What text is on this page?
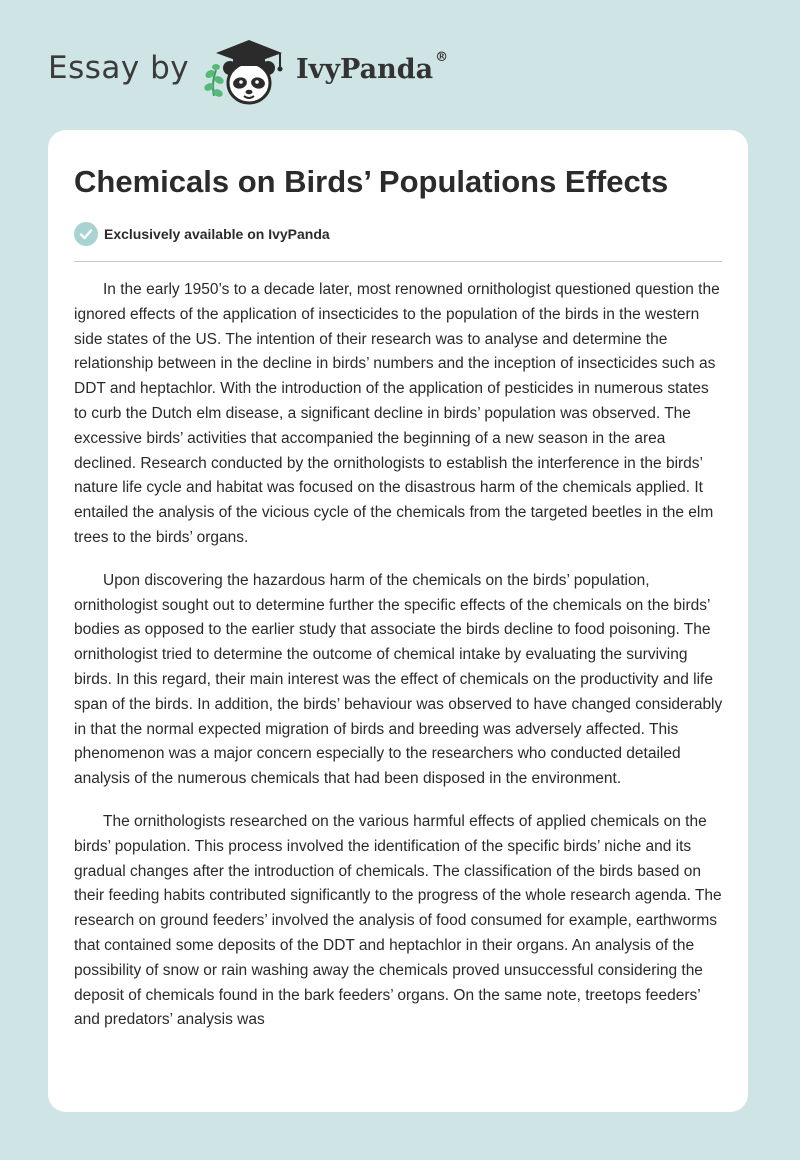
Essay by	IvyPanda ®
Chemicals on Birds’ Populations Effects
Exclusively available on IvyPanda

In the early 1950’s to a decade later, most renowned ornithologist questioned question the ignored effects of the application of insecticides to the population of the birds in the western side states of the US. The intention of their research was to analyse and determine the relationship between in the decline in birds’ numbers and the inception of insecticides such as DDT and heptachlor. With the introduction of the application of pesticides in numerous states to curb the Dutch elm disease, a significant decline in birds’ population was observed. The excessive birds’ activities that accompanied the beginning of a new season in the area declined. Research conducted by the ornithologists to establish the interference in the birds’ nature life cycle and habitat was focused on the disastrous harm of the chemicals applied. It entailed the analysis of the vicious cycle of the chemicals from the targeted beetles in the elm trees to the birds’ organs.

Upon discovering the hazardous harm of the chemicals on the birds’ population, ornithologist sought out to determine further the specific effects of the chemicals on the birds’ bodies as opposed to the earlier study that associate the birds decline to food poisoning. The ornithologist tried to determine the outcome of chemical intake by evaluating the surviving birds. In this regard, their main interest was the effect of chemicals on the productivity and life span of the birds. In addition, the birds’ behaviour was observed to have changed considerably in that the normal expected migration of birds and breeding was adversely affected. This phenomenon was a major concern especially to the researchers who conducted detailed analysis of the numerous chemicals that had been disposed in the environment.

The ornithologists researched on the various harmful effects of applied chemicals on the birds’ population. This process involved the identification of the specific birds’ niche and its gradual changes after the introduction of chemicals. The classification of the birds based on their feeding habits contributed significantly to the progress of the whole research agenda. The research on ground feeders’ involved the analysis of food consumed for example, earthworms that contained some deposits of the DDT and heptachlor in their organs. An analysis of the possibility of snow or rain washing away the chemicals proved unsuccessful considering the deposit of chemicals found in the bark feeders’ organs. On the same note, treetops feeders’ and predators’ analysis was
